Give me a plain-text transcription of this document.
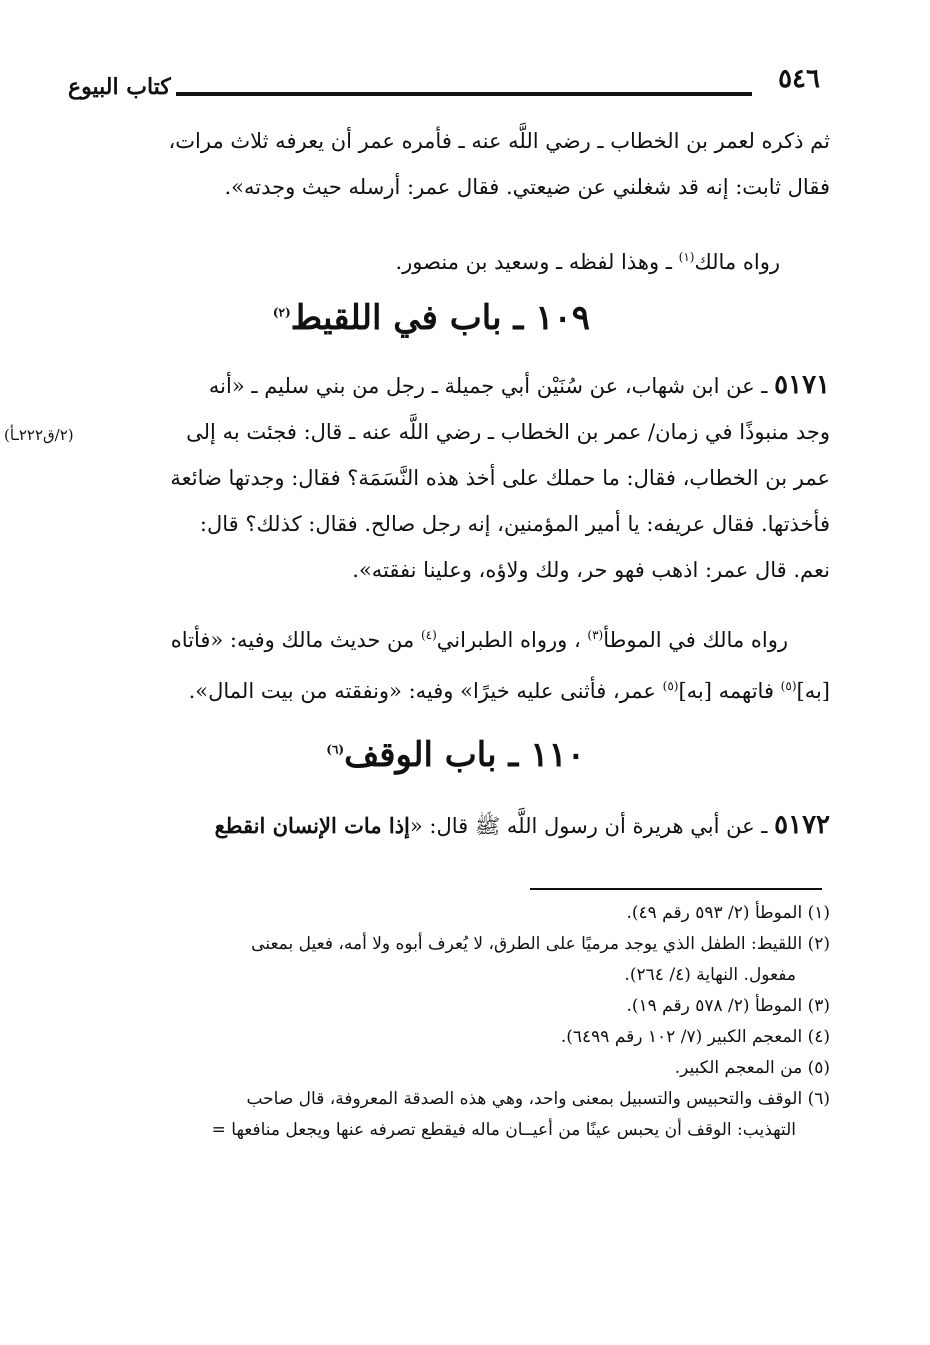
كتاب البيوع	٥٤٦
ثم ذكره لعمر بن الخطاب ـ رضي اللَّه عنه ـ فأمره عمر أن يعرفه ثلاث مرات،
فقال ثابت: إنه قد شغلني عن ضيعتي. فقال عمر: أرسله حيث وجدته».
رواه مالك$^{(١)}$ ـ وهذا لفظه ـ وسعيد بن منصور.
١٠٩ ـ باب في اللقيط$^{(٢)}$
٥١٧١ ـ عن ابن شهاب، عن سُنَيْن أبي جميلة ـ رجل من بني سليم ـ «أنه
وجد منبوذًا في زمان/ عمر بن الخطاب ـ رضي اللَّه عنه ـ قال: فجئت به إلى
عمر بن الخطاب، فقال: ما حملك على أخذ هذه النَّسَمَة؟ فقال: وجدتها ضائعة
فأخذتها. فقال عريفه: يا أمير المؤمنين، إنه رجل صالح. فقال: كذلك؟ قال:
نعم. قال عمر: اذهب فهو حر، ولك ولاؤه، وعلينا نفقته».
(٢/ق٢٢٢ـأ)
رواه مالك في الموطأ$^{(٣)}$ ، ورواه الطبراني$^{(٤)}$ من حديث مالك وفيه: «فأتاه
[به]$^{(٥)}$ فاتهمه [به]$^{(٥)}$ عمر، فأثنى عليه خيرًا» وفيه: «ونفقته من بيت المال».
١١٠ ـ باب الوقف$^{(٦)}$
٥١٧٢ ـ عن أبي هريرة أن رسول اللَّه ﷺ قال: «إذا مات الإنسان انقطع
(١) الموطأ (٢/ ٥٩٣ رقم ٤٩).
(٢) اللقيط: الطفل الذي يوجد مرميًا على الطرق، لا يُعرف أبوه ولا أمه، فعيل بمعنى
مفعول. النهاية (٤/ ٢٦٤).
(٣) الموطأ (٢/ ٥٧٨ رقم ١٩).
(٤) المعجم الكبير (٧/ ١٠٢ رقم ٦٤٩٩).
(٥) من المعجم الكبير.
(٦) الوقف والتحبيس والتسبيل بمعنى واحد، وهي هذه الصدقة المعروفة، قال صاحب
التهذيب: الوقف أن يحبس عينًا من أعيــان ماله فيقطع تصرفه عنها ويجعل منافعها =
